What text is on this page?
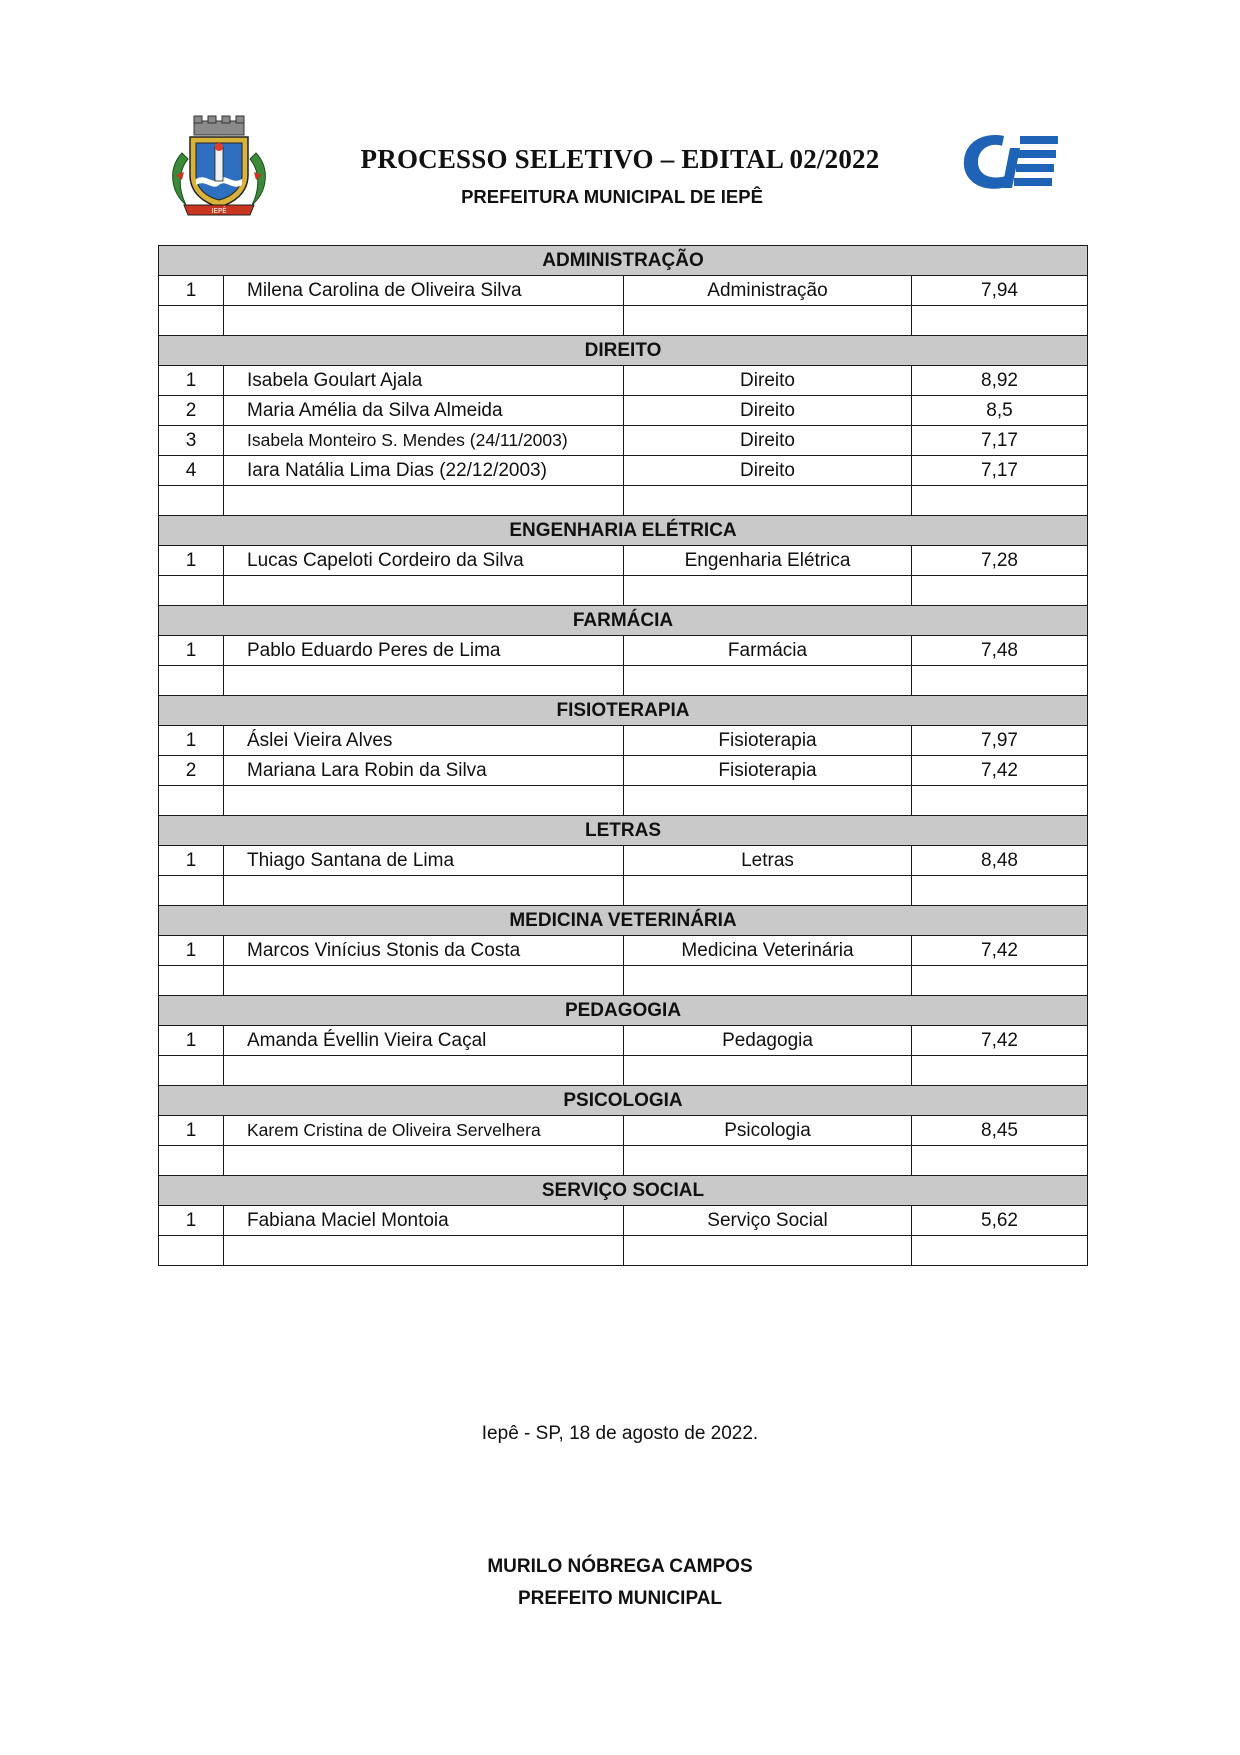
IEPÊ
CiE
PROCESSO SELETIVO – EDITAL 02/2022
PREFEITURA MUNICIPAL DE IEPÊ
ADMINISTRAÇÃO			
1	Milena Carolina de Oliveira Silva	Administração	7,94

DIREITO			
1	Isabela Goulart Ajala	Direito	8,92
2	Maria Amélia da Silva Almeida	Direito	8,5
3	Isabela Monteiro S. Mendes (24/11/2003)	Direito	7,17
4	Iara Natália Lima Dias (22/12/2003)	Direito	7,17

ENGENHARIA ELÉTRICA			
1	Lucas Capeloti Cordeiro da Silva	Engenharia Elétrica	7,28

FARMÁCIA			
1	Pablo Eduardo Peres de Lima	Farmácia	7,48

FISIOTERAPIA			
1	Áslei Vieira Alves	Fisioterapia	7,97
2	Mariana Lara Robin da Silva	Fisioterapia	7,42

LETRAS			
1	Thiago Santana de Lima	Letras	8,48

MEDICINA VETERINÁRIA			
1	Marcos Vinícius Stonis da Costa	Medicina Veterinária	7,42

PEDAGOGIA			
1	Amanda Évellin Vieira Caçal	Pedagogia	7,42

PSICOLOGIA			
1	Karem Cristina de Oliveira Servelhera	Psicologia	8,45

SERVIÇO SOCIAL			
1	Fabiana Maciel Montoia	Serviço Social	5,62

Iepê - SP, 18 de agosto de 2022.
MURILO NÓBREGA CAMPOS
PREFEITO MUNICIPAL
